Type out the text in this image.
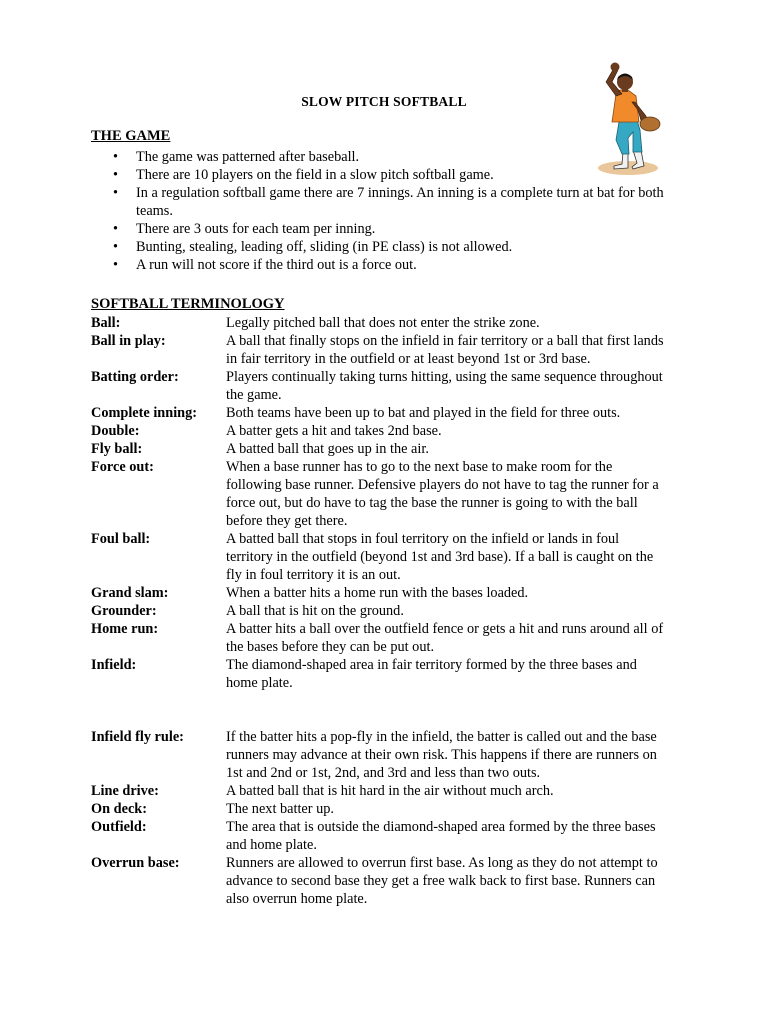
SLOW PITCH SOFTBALL
THE GAME
• The game was patterned after baseball.
• There are 10 players on the field in a slow pitch softball game.
• In a regulation softball game there are 7 innings. An inning is a complete turn at bat for both teams.
• There are 3 outs for each team per inning.
• Bunting, stealing, leading off, sliding (in PE class) is not allowed.
• A run will not score if the third out is a force out.
SOFTBALL TERMINOLOGY
Ball:	Legally pitched ball that does not enter the strike zone.
Ball in play:	A ball that finally stops on the infield in fair territory or a ball that first lands in fair territory in the outfield or at least beyond 1st or 3rd base.
Batting order:	Players continually taking turns hitting, using the same sequence throughout the game.
Complete inning:	Both teams have been up to bat and played in the field for three outs.
Double:	A batter gets a hit and takes 2nd base.
Fly ball:	A batted ball that goes up in the air.
Force out:	When a base runner has to go to the next base to make room for the following base runner. Defensive players do not have to tag the runner for a force out, but do have to tag the base the runner is going to with the ball before they get there.
Foul ball:	A batted ball that stops in foul territory on the infield or lands in foul territory in the outfield (beyond 1st and 3rd base). If a ball is caught on the fly in foul territory it is an out.
Grand slam:	When a batter hits a home run with the bases loaded.
Grounder:	A ball that is hit on the ground.
Home run:	A batter hits a ball over the outfield fence or gets a hit and runs around all of the bases before they can be put out.
Infield:	The diamond-shaped area in fair territory formed by the three bases and home plate.
Infield fly rule:	If the batter hits a pop-fly in the infield, the batter is called out and the base runners may advance at their own risk. This happens if there are runners on 1st and 2nd or 1st, 2nd, and 3rd and less than two outs.
Line drive:	A batted ball that is hit hard in the air without much arch.
On deck:	The next batter up.
Outfield:	The area that is outside the diamond-shaped area formed by the three bases and home plate.
Overrun base:	Runners are allowed to overrun first base. As long as they do not attempt to advance to second base they get a free walk back to first base. Runners can also overrun home plate.
